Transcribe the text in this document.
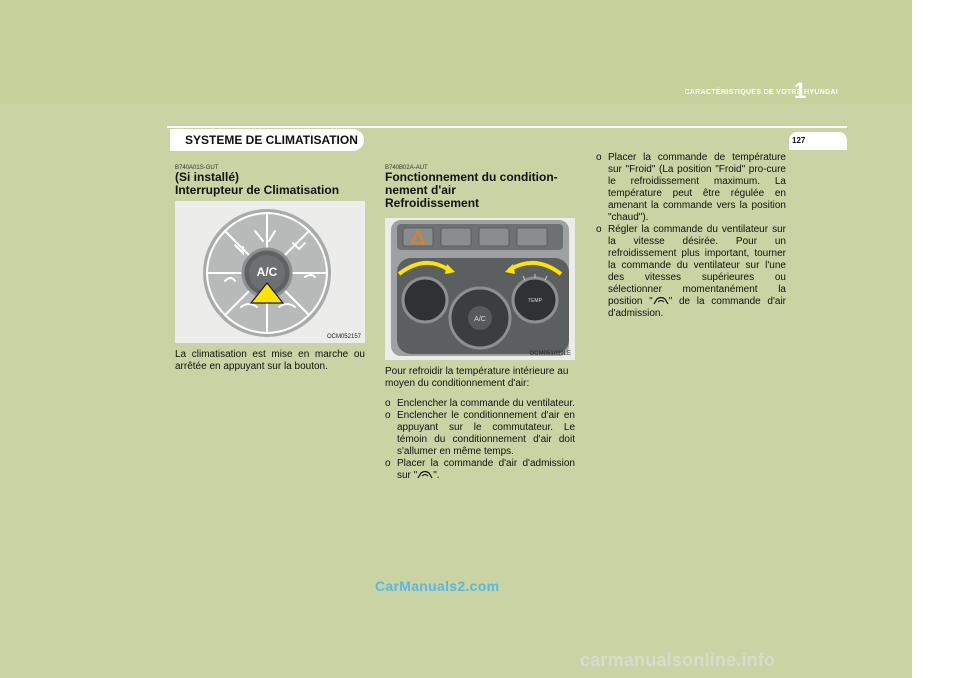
CARACTÉRISTIQUES DE VOTRE HYUNDAI
1
SYSTEME DE CLIMATISATION	127
B740A01S-GUT
(Si installé)
Interrupteur de Climatisation
A/C
OCM052157
La climatisation est mise en marche ou arrêtée en appuyant sur la bouton.
B740B02A-AUT
Fonctionnement du condition-
nement d'air
Refroidissement
A/C
TEMP
OCM051039LE
Pour refroidir la température intérieure au moyen du conditionnement d'air:
o Enclencher la commande du ventilateur.
o Enclencher le conditionnement d'air en appuyant sur le commutateur. Le témoin du conditionnement d'air doit s'allumer en même temps.
o Placer la commande d'air d'admission sur " ".
o Placer la commande de température sur "Froid" (La position "Froid" pro-cure le refroidissement maximum. La température peut être régulée en amenant la commande vers la position "chaud").
o Régler la commande du ventilateur sur la vitesse désirée. Pour un refroidissement plus important, tourner la commande du ventilateur sur l'une des vitesses supérieures ou sélectionner momentanément la position " " de la commande d'air d'admission.
CarManuals2.com
carmanualsonline.info
